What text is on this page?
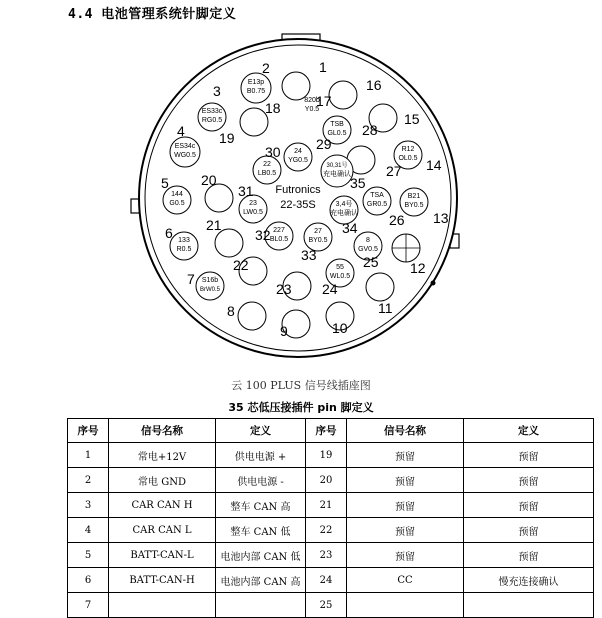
4.4 电池管理系统针脚定义
E13p
B0.75
ES33c
RG0.5
ES34c
WG0.5
144
G0.5
133
R0.5
S16b
BrW0.5
B21
BY0.5
R12
OL0.5
820b
Y0.5
55
WL0.5
8
GV0.5
TSA
GR0.5
TSB
GL0.5
24
YG0.5
22
LB0.5
23
LW0.5
227
BL0.5
27
BY0.5
3,4号
充电确认
30,31号
充电确认
1
2
3
4
5
6
7
8
9	10
11
12
13
14
15
16
17
18
19
20
21
22
23 24
25
26
27
28
29
30
31
32
33
34
35
Futronics
22-35S
云 100 PLUS 信号线插座图
35 芯低压接插件 pin 脚定义
序号	信号名称	定义	序号	信号名称	定义
1	常电+12V	供电电源 +	19	预留	预留
2	常电 GND	供电电源 -	20	预留	预留
3	CAR CAN H	整车 CAN 高	21	预留	预留
4	CAR CAN L	整车 CAN 低	22	预留	预留
5	BATT-CAN-L	电池内部 CAN 低	23	预留	预留
6	BATT-CAN-H	电池内部 CAN 高	24	CC	慢充连接确认
7			25		
